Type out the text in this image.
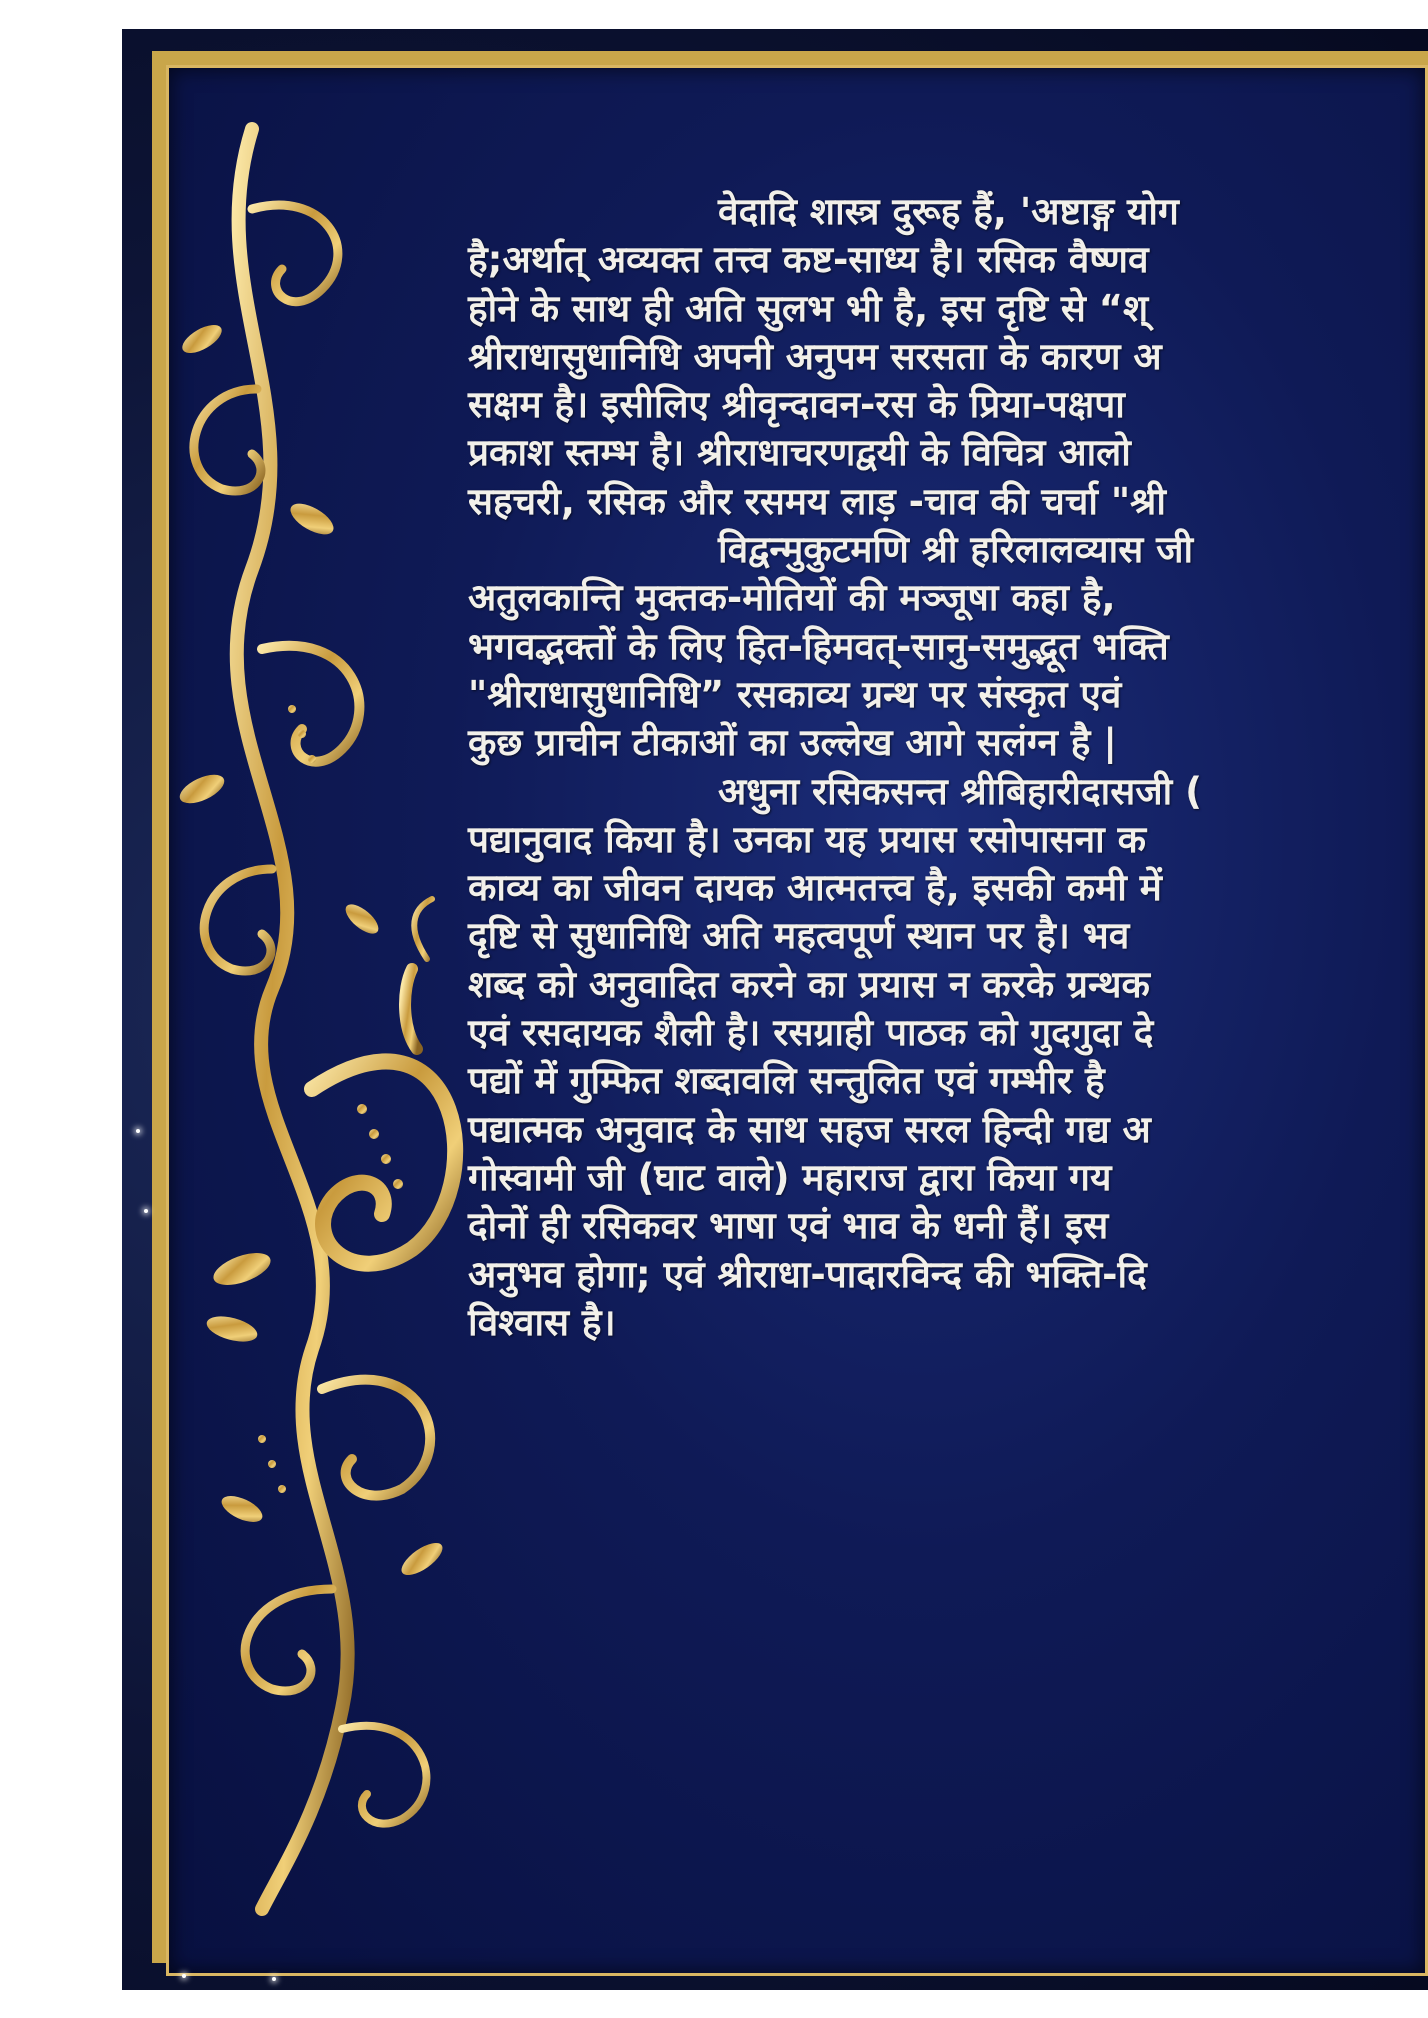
वेदादि शास्त्र दुरूह हैं, 'अष्टाङ्ग योग
है;अर्थात् अव्यक्त तत्त्व कष्ट-साध्य है। रसिक वैष्णव
होने के साथ ही अति सुलभ भी है, इस दृष्टि से “श्
श्रीराधासुधानिधि अपनी अनुपम सरसता के कारण अ
सक्षम है। इसीलिए श्रीवृन्दावन-रस के प्रिया-पक्षपा
प्रकाश स्तम्भ है। श्रीराधाचरणद्वयी के विचित्र आलो
सहचरी, रसिक और रसमय लाड़ -चाव की चर्चा "श्री
विद्वन्मुकुटमणि श्री हरिलालव्यास जी
अतुलकान्ति मुक्तक-मोतियों की मञ्जूषा कहा है,
भगवद्भक्तों के लिए हित-हिमवत्-सानु-समुद्भूत भक्ति
"श्रीराधासुधानिधि” रसकाव्य ग्रन्थ पर संस्कृत एवं
कुछ प्राचीन टीकाओं का उल्लेख आगे सलंग्न है |
अधुना रसिकसन्त श्रीबिहारीदासजी (
पद्यानुवाद किया है। उनका यह प्रयास रसोपासना क
काव्य का जीवन दायक आत्मतत्त्व है, इसकी कमी में
दृष्टि से सुधानिधि अति महत्वपूर्ण स्थान पर है। भव
शब्द को अनुवादित करने का प्रयास न करके ग्रन्थक
एवं रसदायक शैली है। रसग्राही पाठक को गुदगुदा दे
पद्यों में गुम्फित शब्दावलि सन्तुलित एवं गम्भीर है
पद्यात्मक अनुवाद के साथ सहज सरल हिन्दी गद्य अ
गोस्वामी जी (घाट वाले) महाराज द्वारा किया गय
दोनों ही रसिकवर भाषा एवं भाव के धनी हैं। इस
अनुभव होगा; एवं श्रीराधा-पादारविन्द की भक्ति-दि
विश्वास है।
